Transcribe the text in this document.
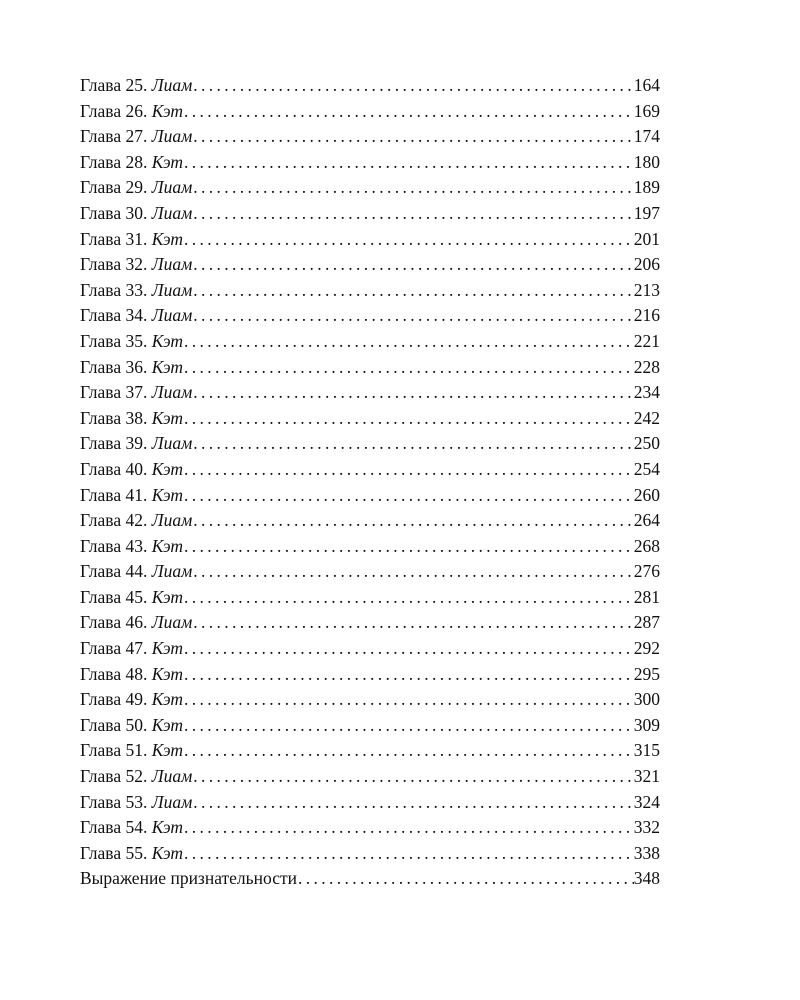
Глава 25. Лиам . . .	164
Глава 26. Кэт . . .	169
Глава 27. Лиам . . .	174
Глава 28. Кэт . . .	180
Глава 29. Лиам . . .	189
Глава 30. Лиам . . .	197
Глава 31. Кэт . . .	201
Глава 32. Лиам . . .	206
Глава 33. Лиам . . .	213
Глава 34. Лиам . . .	216
Глава 35. Кэт . . .	221
Глава 36. Кэт . . .	228
Глава 37. Лиам . . .	234
Глава 38. Кэт . . .	242
Глава 39. Лиам . . .	250
Глава 40. Кэт . . .	254
Глава 41. Кэт . . .	260
Глава 42. Лиам . . .	264
Глава 43. Кэт . . .	268
Глава 44. Лиам . . .	276
Глава 45. Кэт . . .	281
Глава 46. Лиам . . .	287
Глава 47. Кэт . . .	292
Глава 48. Кэт . . .	295
Глава 49. Кэт . . .	300
Глава 50. Кэт . . .	309
Глава 51. Кэт . . .	315
Глава 52. Лиам . . .	321
Глава 53. Лиам . . .	324
Глава 54. Кэт . . .	332
Глава 55. Кэт . . .	338
Выражение признательности . . .	348
